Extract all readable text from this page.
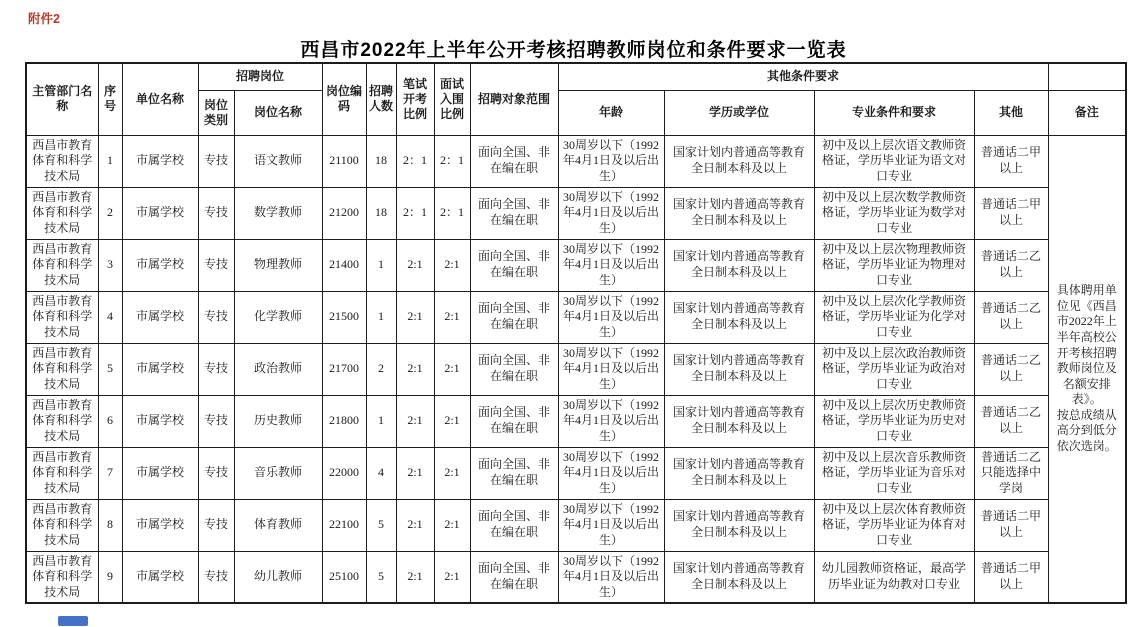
附件2
西昌市2022年上半年公开考核招聘教师岗位和条件要求一览表
主管部门名称	序号	单位名称	招聘岗位		岗位编码	招聘人数	笔试开考比例	面试入围比例	招聘对象范围	其他条件要求				
			岗位类别	岗位名称						年龄	学历或学位	专业条件和要求	其他	备注
西昌市教育体育和科学技术局	1	市属学校	专技	语文教师	21100	18	2：1	2：1	面向全国、非在编在职	30周岁以下（1992年4月1日及以后出生）	国家计划内普通高等教育全日制本科及以上	初中及以上层次语文教师资格证，学历毕业证为语文对口专业	普通话二甲以上	具体聘用单位见《西昌市2022年上半年高校公开考核招聘教师岗位及名额安排表》。
按总成绩从高分到低分依次选岗。

西昌市教育体育和科学技术局	2	市属学校	专技	数学教师	21200	18	2：1	2：1	面向全国、非在编在职	30周岁以下（1992年4月1日及以后出生）	国家计划内普通高等教育全日制本科及以上	初中及以上层次数学教师资格证，学历毕业证为数学对口专业	普通话二甲以上	
西昌市教育体育和科学技术局	3	市属学校	专技	物理教师	21400	1	2:1	2:1	面向全国、非在编在职	30周岁以下（1992年4月1日及以后出生）	国家计划内普通高等教育全日制本科及以上	初中及以上层次物理教师资格证，学历毕业证为物理对口专业	普通话二乙以上	
西昌市教育体育和科学技术局	4	市属学校	专技	化学教师	21500	1	2:1	2:1	面向全国、非在编在职	30周岁以下（1992年4月1日及以后出生）	国家计划内普通高等教育全日制本科及以上	初中及以上层次化学教师资格证，学历毕业证为化学对口专业	普通话二乙以上	
西昌市教育体育和科学技术局	5	市属学校	专技	政治教师	21700	2	2:1	2:1	面向全国、非在编在职	30周岁以下（1992年4月1日及以后出生）	国家计划内普通高等教育全日制本科及以上	初中及以上层次政治教师资格证，学历毕业证为政治对口专业	普通话二乙以上	
西昌市教育体育和科学技术局	6	市属学校	专技	历史教师	21800	1	2:1	2:1	面向全国、非在编在职	30周岁以下（1992年4月1日及以后出生）	国家计划内普通高等教育全日制本科及以上	初中及以上层次历史教师资格证，学历毕业证为历史对口专业	普通话二乙以上	
西昌市教育体育和科学技术局	7	市属学校	专技	音乐教师	22000	4	2:1	2:1	面向全国、非在编在职	30周岁以下（1992年4月1日及以后出生）	国家计划内普通高等教育全日制本科及以上	初中及以上层次音乐教师资格证，学历毕业证为音乐对口专业	普通话二乙只能选择中学岗	
西昌市教育体育和科学技术局	8	市属学校	专技	体育教师	22100	5	2:1	2:1	面向全国、非在编在职	30周岁以下（1992年4月1日及以后出生）	国家计划内普通高等教育全日制本科及以上	初中及以上层次体育教师资格证，学历毕业证为体育对口专业	普通话二甲以上	
西昌市教育体育和科学技术局	9	市属学校	专技	幼儿教师	25100	5	2:1	2:1	面向全国、非在编在职	30周岁以下（1992年4月1日及以后出生）	国家计划内普通高等教育全日制本科及以上	幼儿园教师资格证，最高学历毕业证为幼教对口专业	普通话二甲以上	
